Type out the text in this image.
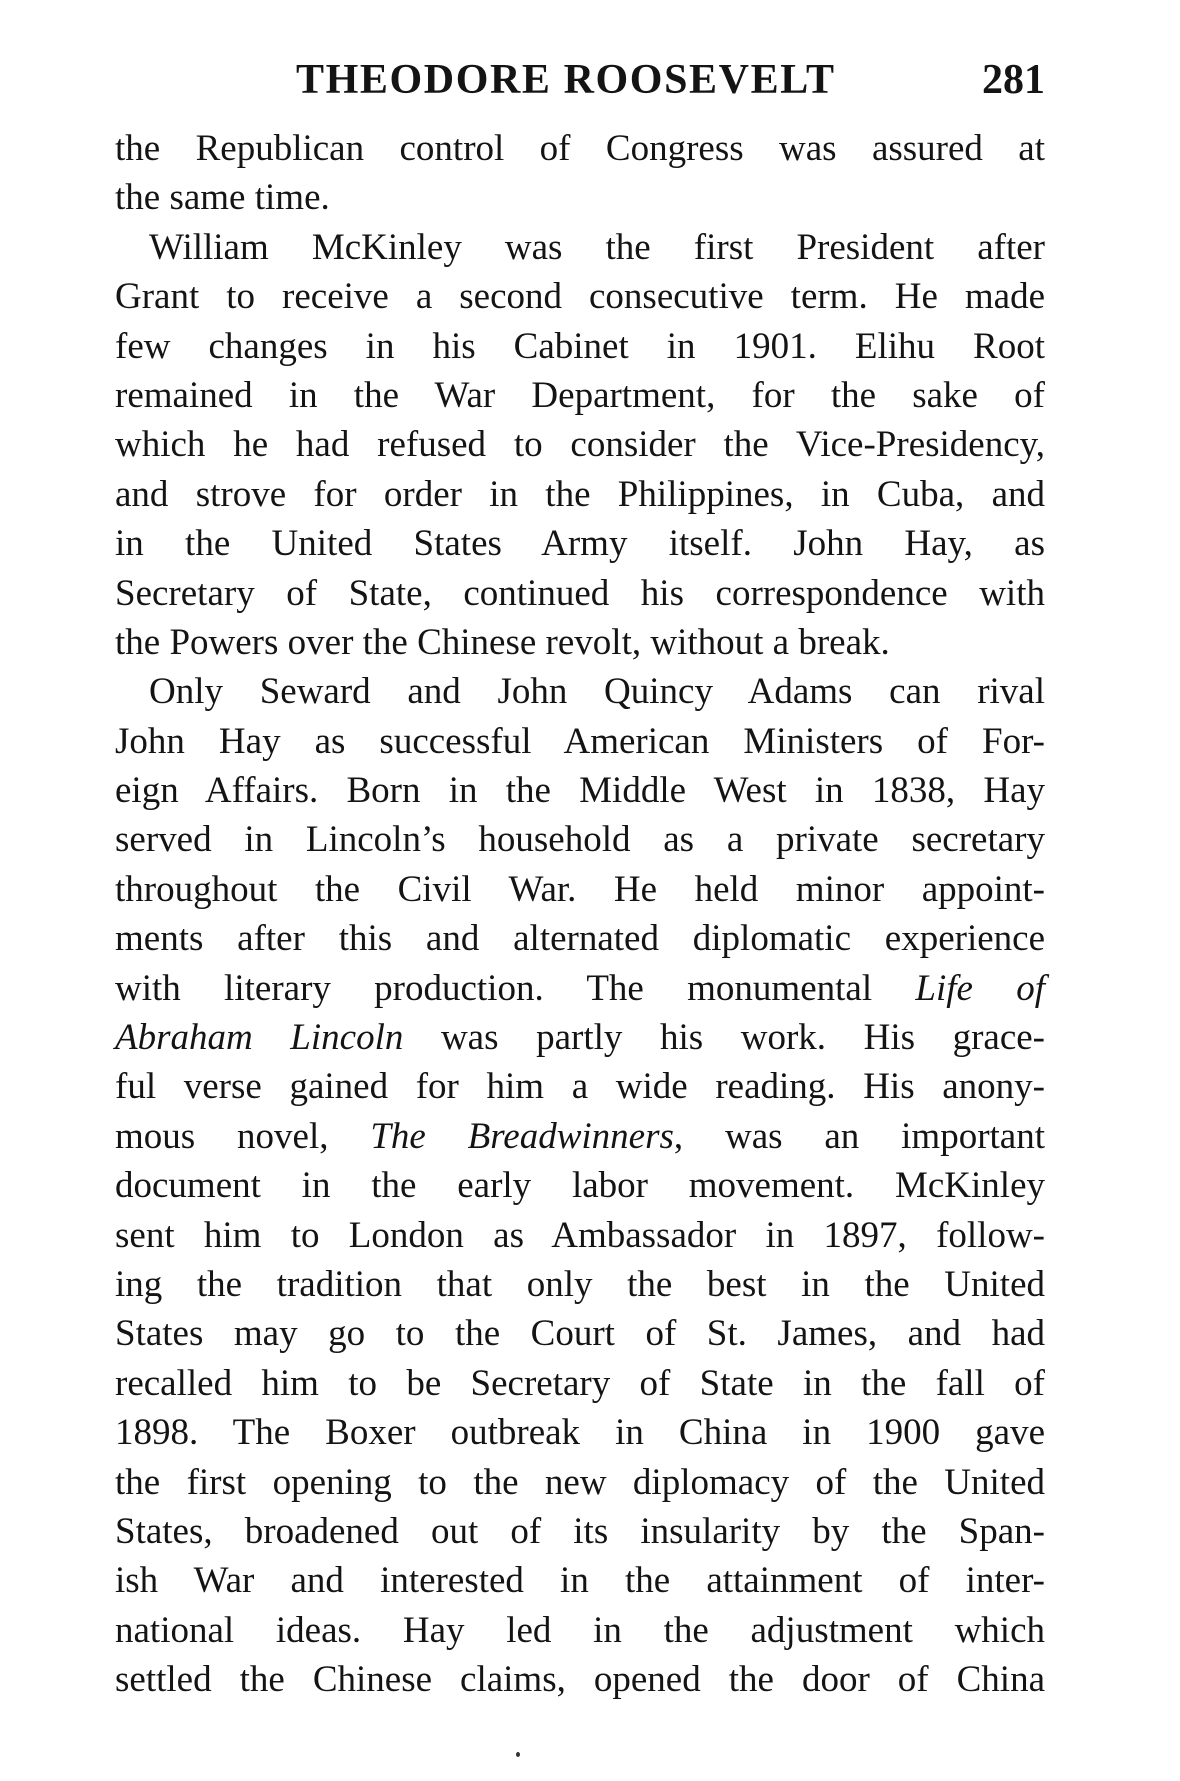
THEODORE ROOSEVELT	281
the Republican control of Congress was assured at
the same time.
William McKinley was the first President after
Grant to receive a second consecutive term. He made
few changes in his Cabinet in 1901. Elihu Root
remained in the War Department, for the sake of
which he had refused to consider the Vice-Presidency,
and strove for order in the Philippines, in Cuba, and
in the United States Army itself. John Hay, as
Secretary of State, continued his correspondence with
the Powers over the Chinese revolt, without a break.
Only Seward and John Quincy Adams can rival
John Hay as successful American Ministers of For-
eign Affairs. Born in the Middle West in 1838, Hay
served in Lincoln’s household as a private secretary
throughout the Civil War. He held minor appoint-
ments after this and alternated diplomatic experience
with literary production. The monumental Life of
Abraham Lincoln was partly his work. His grace-
ful verse gained for him a wide reading. His anony-
mous novel, The Breadwinners, was an important
document in the early labor movement. McKinley
sent him to London as Ambassador in 1897, follow-
ing the tradition that only the best in the United
States may go to the Court of St. James, and had
recalled him to be Secretary of State in the fall of
1898. The Boxer outbreak in China in 1900 gave
the first opening to the new diplomacy of the United
States, broadened out of its insularity by the Span-
ish War and interested in the attainment of inter-
national ideas. Hay led in the adjustment which
settled the Chinese claims, opened the door of China
